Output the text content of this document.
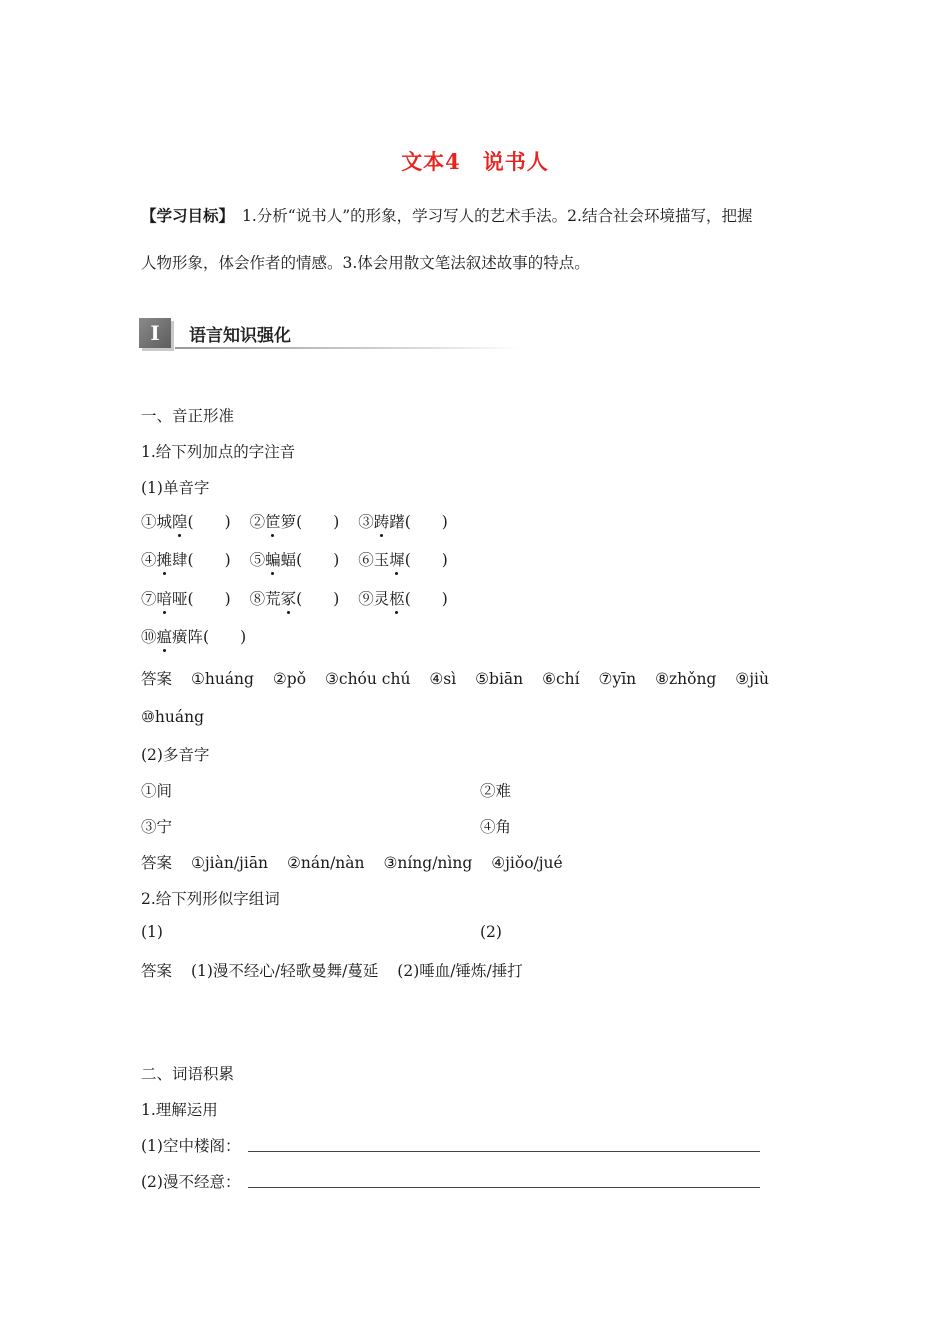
文本4　说书人
【学习目标】 1.分析“说书人”的形象，学习写人的艺术手法。2.结合社会环境描写，把握
人物形象，体会作者的情感。3.体会用散文笔法叙述故事的特点。
I	语言知识强化
一、音正形准
1.给下列加点的字注音
(1)单音字
①城隍(　　) ②笸箩(　　) ③踌躇(　　)
④摊肆(　　) ⑤蝙蝠(　　) ⑥玉墀(　　)
⑦喑哑(　　) ⑧荒冢(　　) ⑨灵柩(　　)
⑩瘟癀阵(　　)
答案 ①huáng ②pǒ ③chóu chú ④sì ⑤biān ⑥chí ⑦yīn ⑧zhǒng ⑨jiù
⑩huáng
(2)多音字
①间	②难
③宁	④角
答案 ①jiàn/jiān ②nán/nàn ③níng/nìng ④jiǒo/jué
2.给下列形似字组词
(1)	(2)
答案 (1)漫不经心/轻歌曼舞/蔓延 (2)唾血/锤炼/捶打
二、词语积累
1.理解运用
(1)空中楼阁：
(2)漫不经意：
